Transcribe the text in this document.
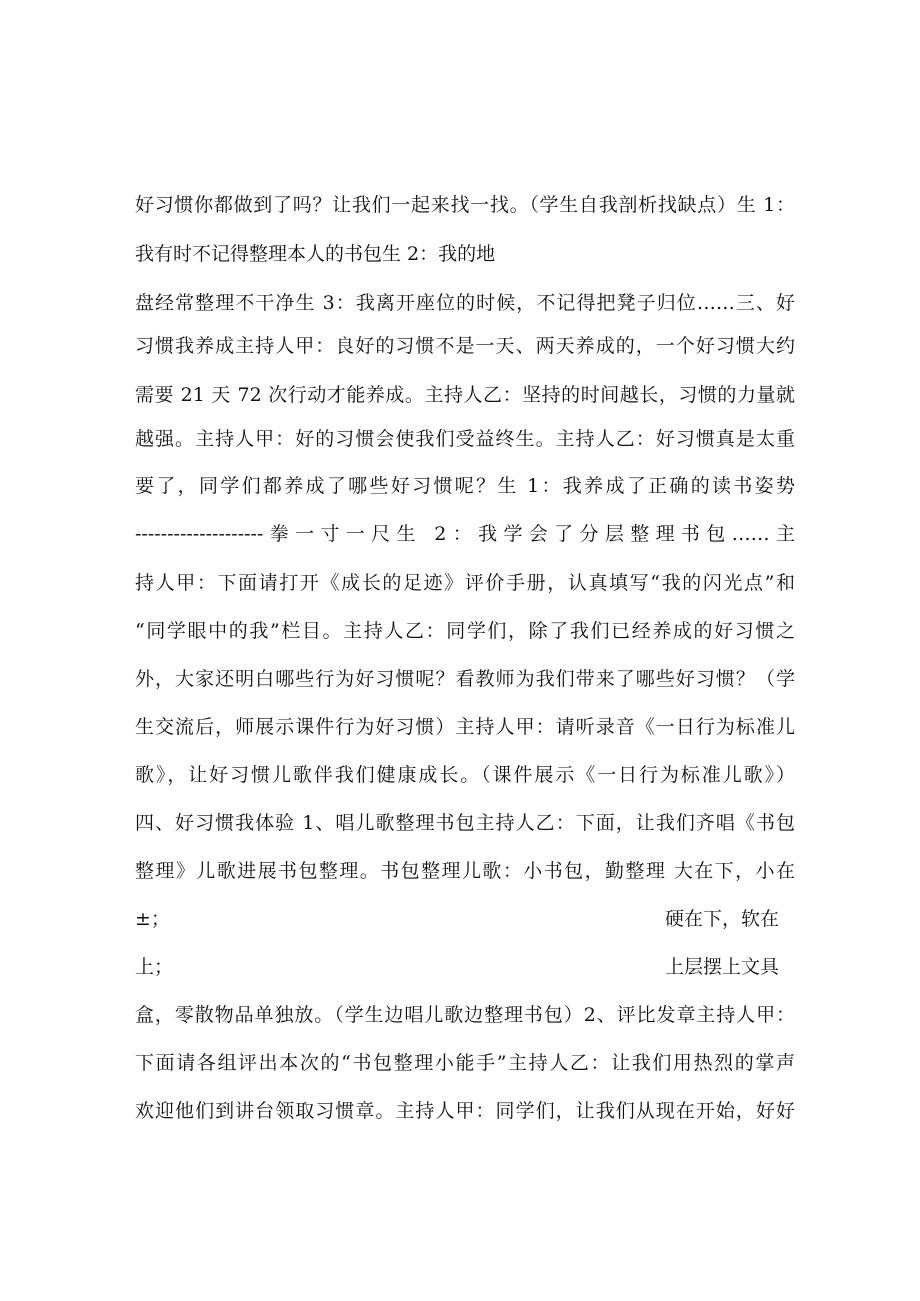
好习惯你都做到了吗？让我们一起来找一找。（学生自我剖析找缺点）生 1：
我有时不记得整理本人的书包生 2：我的地
盘经常整理不干净生 3：我离开座位的时候，不记得把凳子归位……三、好
习惯我养成主持人甲：良好的习惯不是一天、两天养成的，一个好习惯大约
需要 21 天 72 次行动才能养成。主持人乙：坚持的时间越长，习惯的力量就
越强。主持人甲：好的习惯会使我们受益终生。主持人乙：好习惯真是太重
要了，同学们都养成了哪些好习惯呢？生 1：我养成了正确的读书姿势
--------------------拳一寸一尺生 2：我学会了分层整理书包……主
持人甲：下面请打开《成长的足迹》评价手册，认真填写“我的闪光点”和
“同学眼中的我”栏目。主持人乙：同学们，除了我们已经养成的好习惯之
外，大家还明白哪些行为好习惯呢？看教师为我们带来了哪些好习惯？（学
生交流后，师展示课件行为好习惯）主持人甲：请听录音《一日行为标准儿
歌》，让好习惯儿歌伴我们健康成长。（课件展示《一日行为标准儿歌》）
四、好习惯我体验 1、唱儿歌整理书包主持人乙：下面，让我们齐唱《书包
整理》儿歌进展书包整理。书包整理儿歌：小书包，勤整理 大在下，小在
±；	硬在下，软在
上；	上层摆上文具
盒，零散物品单独放。（学生边唱儿歌边整理书包）2、评比发章主持人甲：
下面请各组评出本次的“书包整理小能手”主持人乙：让我们用热烈的掌声
欢迎他们到讲台领取习惯章。主持人甲：同学们，让我们从现在开始，好好
